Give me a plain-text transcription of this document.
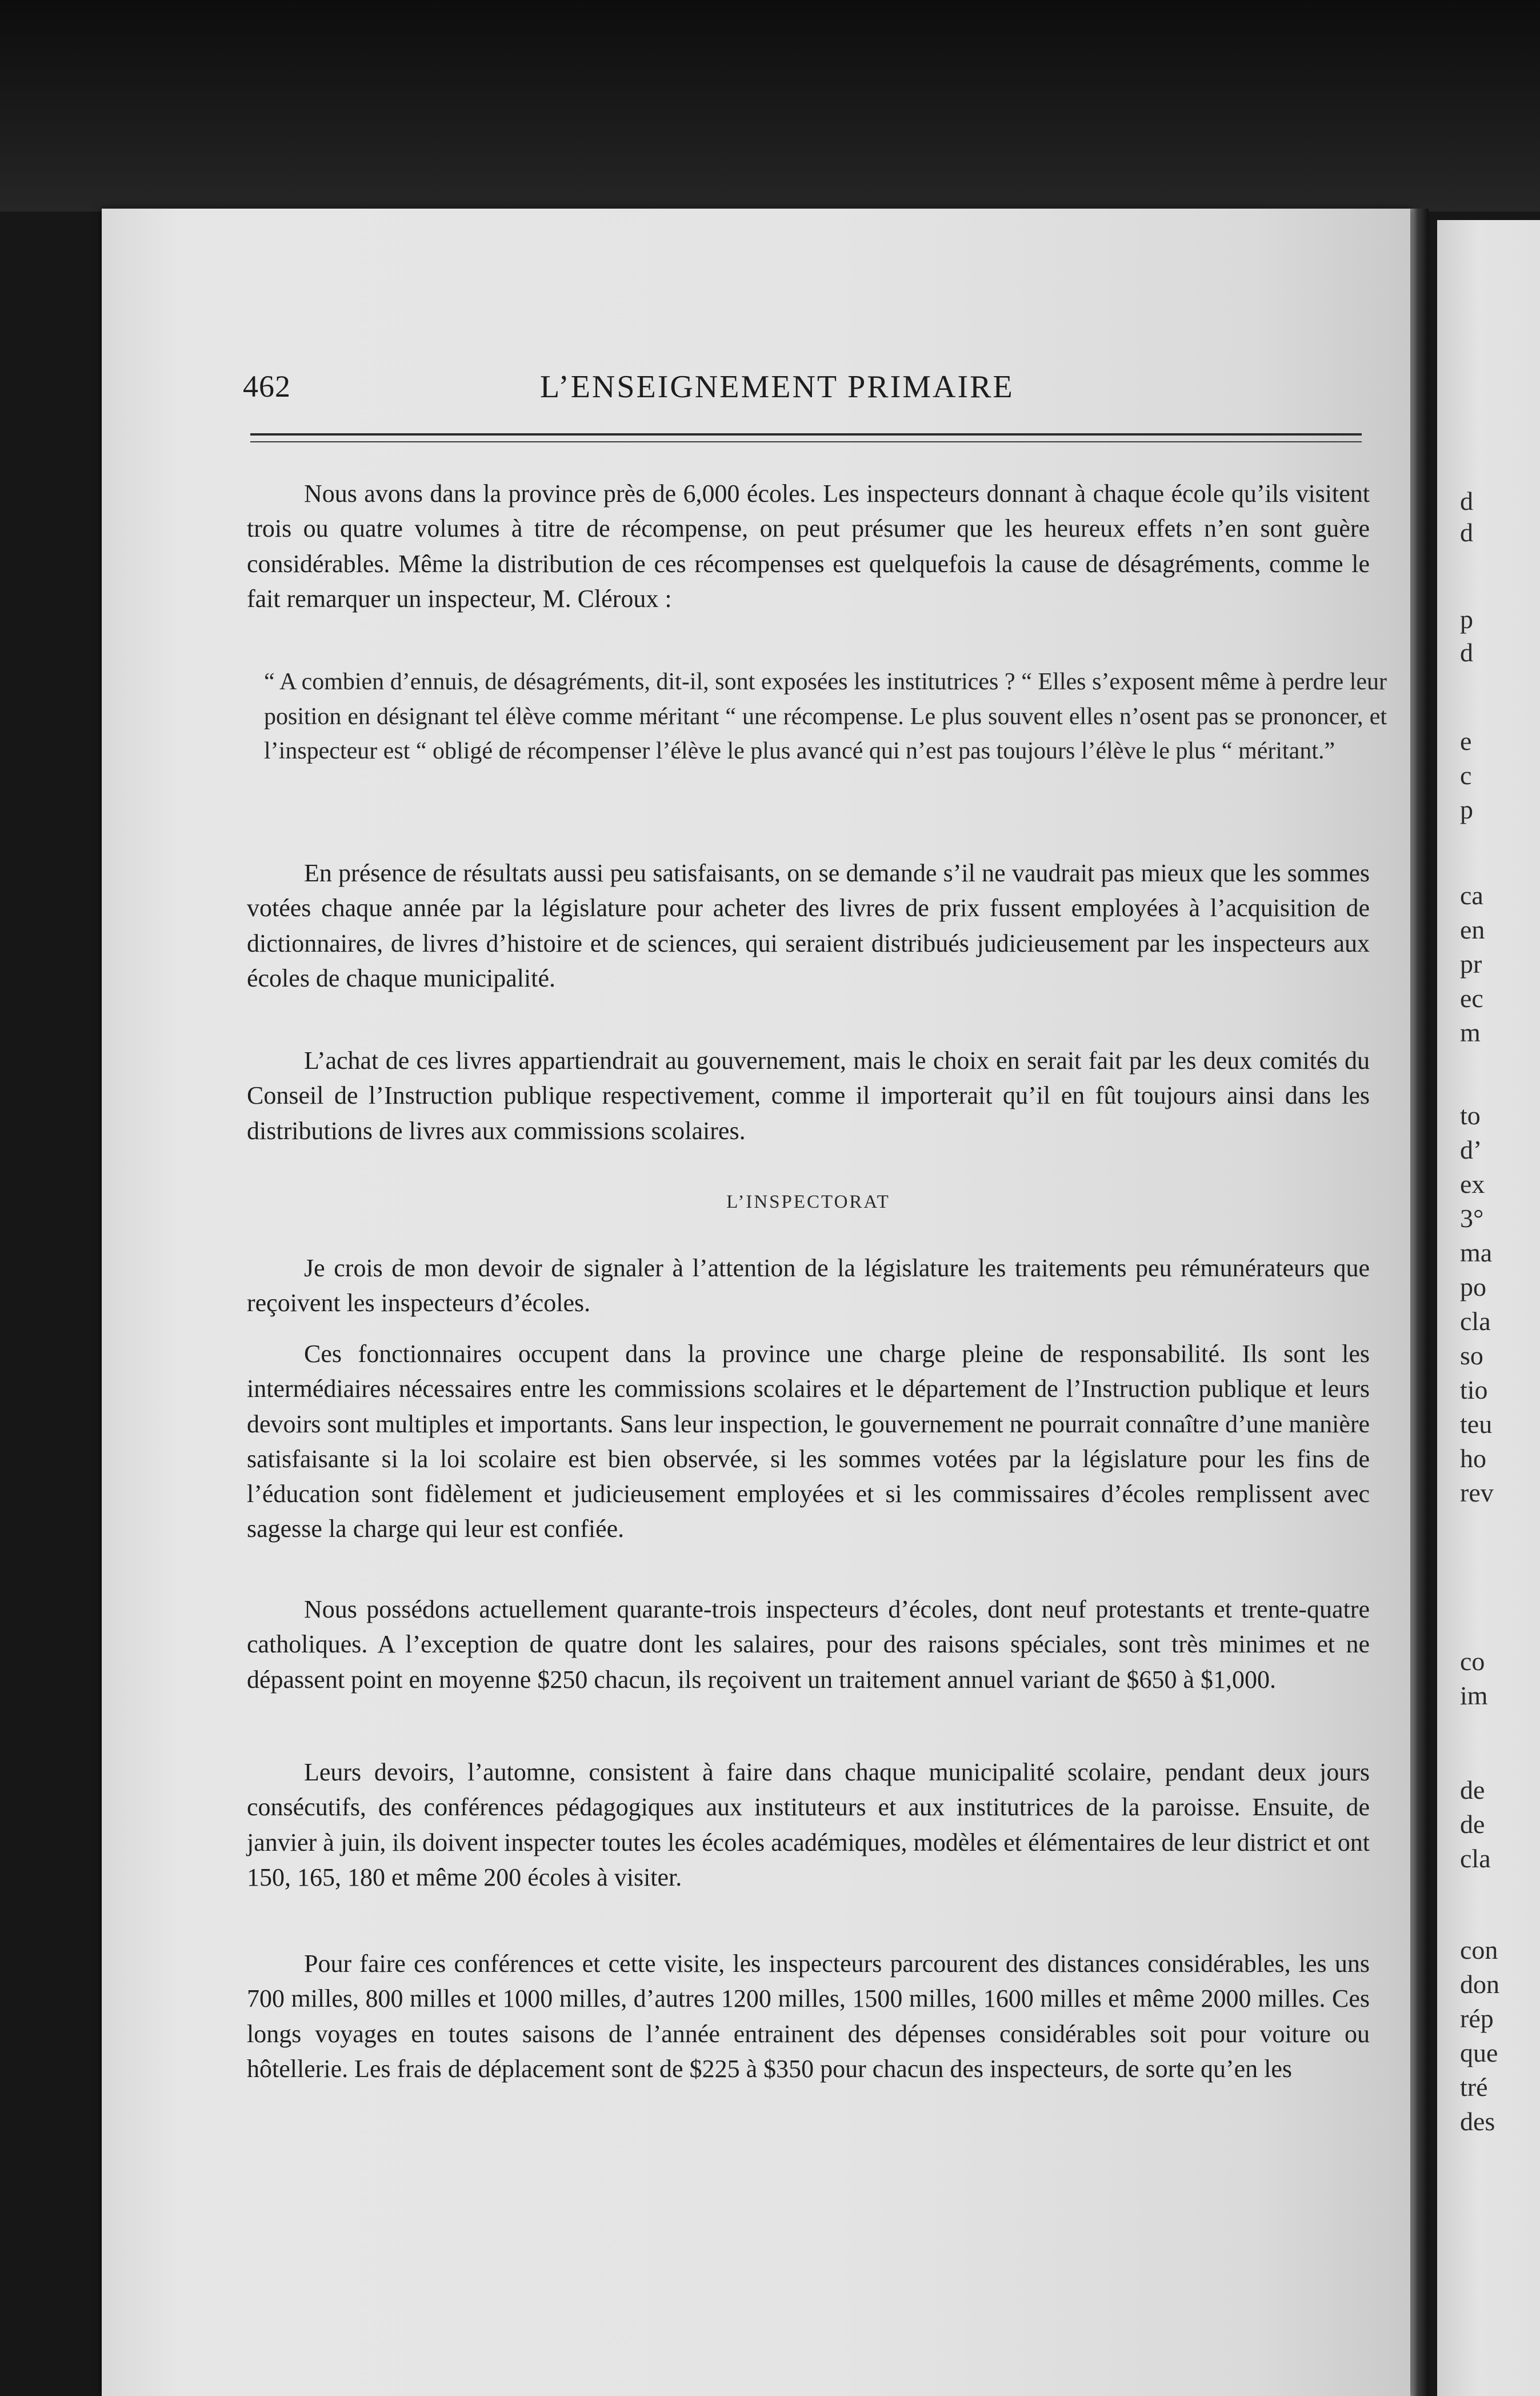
d

d

p

d

e

c

p

ca

en

pr

ec

m

to

d’

ex

3°

ma

po

cla

so

tio

teu

ho

rev

co

im

de

de

cla

con

don

rép

que

tré

des

462	L’ENSEIGNEMENT PRIMAIRE

Nous avons dans la province près de 6,000 écoles. Les inspecteurs donnant à chaque école qu’ils visitent trois ou quatre volumes à titre de récompense, on peut présumer que les heureux effets n’en sont guère considérables. Même la distribution de ces récompenses est quelquefois la cause de désagréments, comme le fait remarquer un inspecteur, M. Cléroux :

“ A combien d’ennuis, de désagréments, dit-il, sont exposées les institutrices ? “ Elles s’exposent même à perdre leur position en désignant tel élève comme méritant “ une récompense. Le plus souvent elles n’osent pas se prononcer, et l’inspecteur est “ obligé de récompenser l’élève le plus avancé qui n’est pas toujours l’élève le plus “ méritant.”

En présence de résultats aussi peu satisfaisants, on se demande s’il ne vaudrait pas mieux que les sommes votées chaque année par la législature pour acheter des livres de prix fussent employées à l’acquisition de dictionnaires, de livres d’histoire et de sciences, qui seraient distribués judicieusement par les inspecteurs aux écoles de chaque municipalité.

L’achat de ces livres appartiendrait au gouvernement, mais le choix en serait fait par les deux comités du Conseil de l’Instruction publique respectivement, comme il importerait qu’il en fût toujours ainsi dans les distributions de livres aux commissions scolaires.

L’INSPECTORAT

Je crois de mon devoir de signaler à l’attention de la législature les traitements peu rémunérateurs que reçoivent les inspecteurs d’écoles.

Ces fonctionnaires occupent dans la province une charge pleine de responsabilité. Ils sont les intermédiaires nécessaires entre les commissions scolaires et le département de l’Instruction publique et leurs devoirs sont multiples et importants. Sans leur inspection, le gouvernement ne pourrait connaître d’une manière satisfaisante si la loi scolaire est bien observée, si les sommes votées par la législature pour les fins de l’éducation sont fidèlement et judicieusement employées et si les commissaires d’écoles remplissent avec sagesse la charge qui leur est confiée.

Nous possédons actuellement quarante-trois inspecteurs d’écoles, dont neuf protestants et trente-quatre catholiques. A l’exception de quatre dont les salaires, pour des raisons spéciales, sont très minimes et ne dépassent point en moyenne $250 chacun, ils reçoivent un traitement annuel variant de $650 à $1,000.

Leurs devoirs, l’automne, consistent à faire dans chaque municipalité scolaire, pendant deux jours consécutifs, des conférences pédagogiques aux instituteurs et aux institutrices de la paroisse. Ensuite, de janvier à juin, ils doivent inspecter toutes les écoles académiques, modèles et élémentaires de leur district et ont 150, 165, 180 et même 200 écoles à visiter.

Pour faire ces conférences et cette visite, les inspecteurs parcourent des distances considérables, les uns 700 milles, 800 milles et 1000 milles, d’autres 1200 milles, 1500 milles, 1600 milles et même 2000 milles. Ces longs voyages en toutes saisons de l’année entrainent des dépenses considérables soit pour voiture ou hôtellerie. Les frais de déplacement sont de $225 à $350 pour chacun des inspecteurs, de sorte qu’en les
